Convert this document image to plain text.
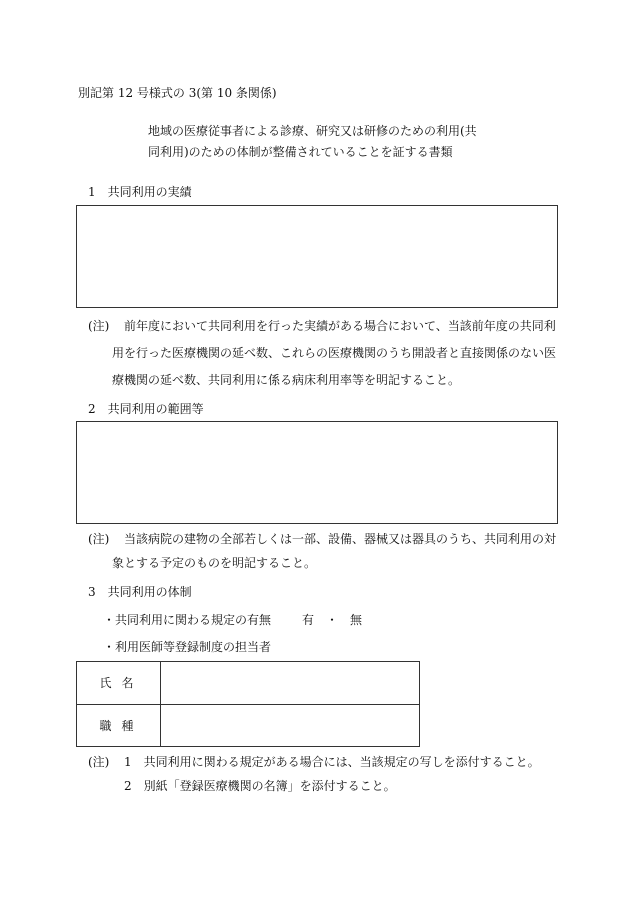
別記第 12 号様式の 3(第 10 条関係)
地域の医療従事者による診療、研究又は研修のための利用(共
同利用)のための体制が整備されていることを証する書類
1　共同利用の実績
(注) 前年度において共同利用を行った実績がある場合において、当該前年度の共同利
用を行った医療機関の延べ数、これらの医療機関のうち開設者と直接関係のない医
療機関の延べ数、共同利用に係る病床利用率等を明記すること。
2　共同利用の範囲等
(注) 当該病院の建物の全部若しくは一部、設備、器械又は器具のうち、共同利用の対
象とする予定のものを明記すること。
3　共同利用の体制
・共同利用に関わる規定の有無	有　・　無
・利用医師等登録制度の担当者
氏名
職種
(注) 1　共同利用に関わる規定がある場合には、当該規定の写しを添付すること。
2　別紙「登録医療機関の名簿」を添付すること。
